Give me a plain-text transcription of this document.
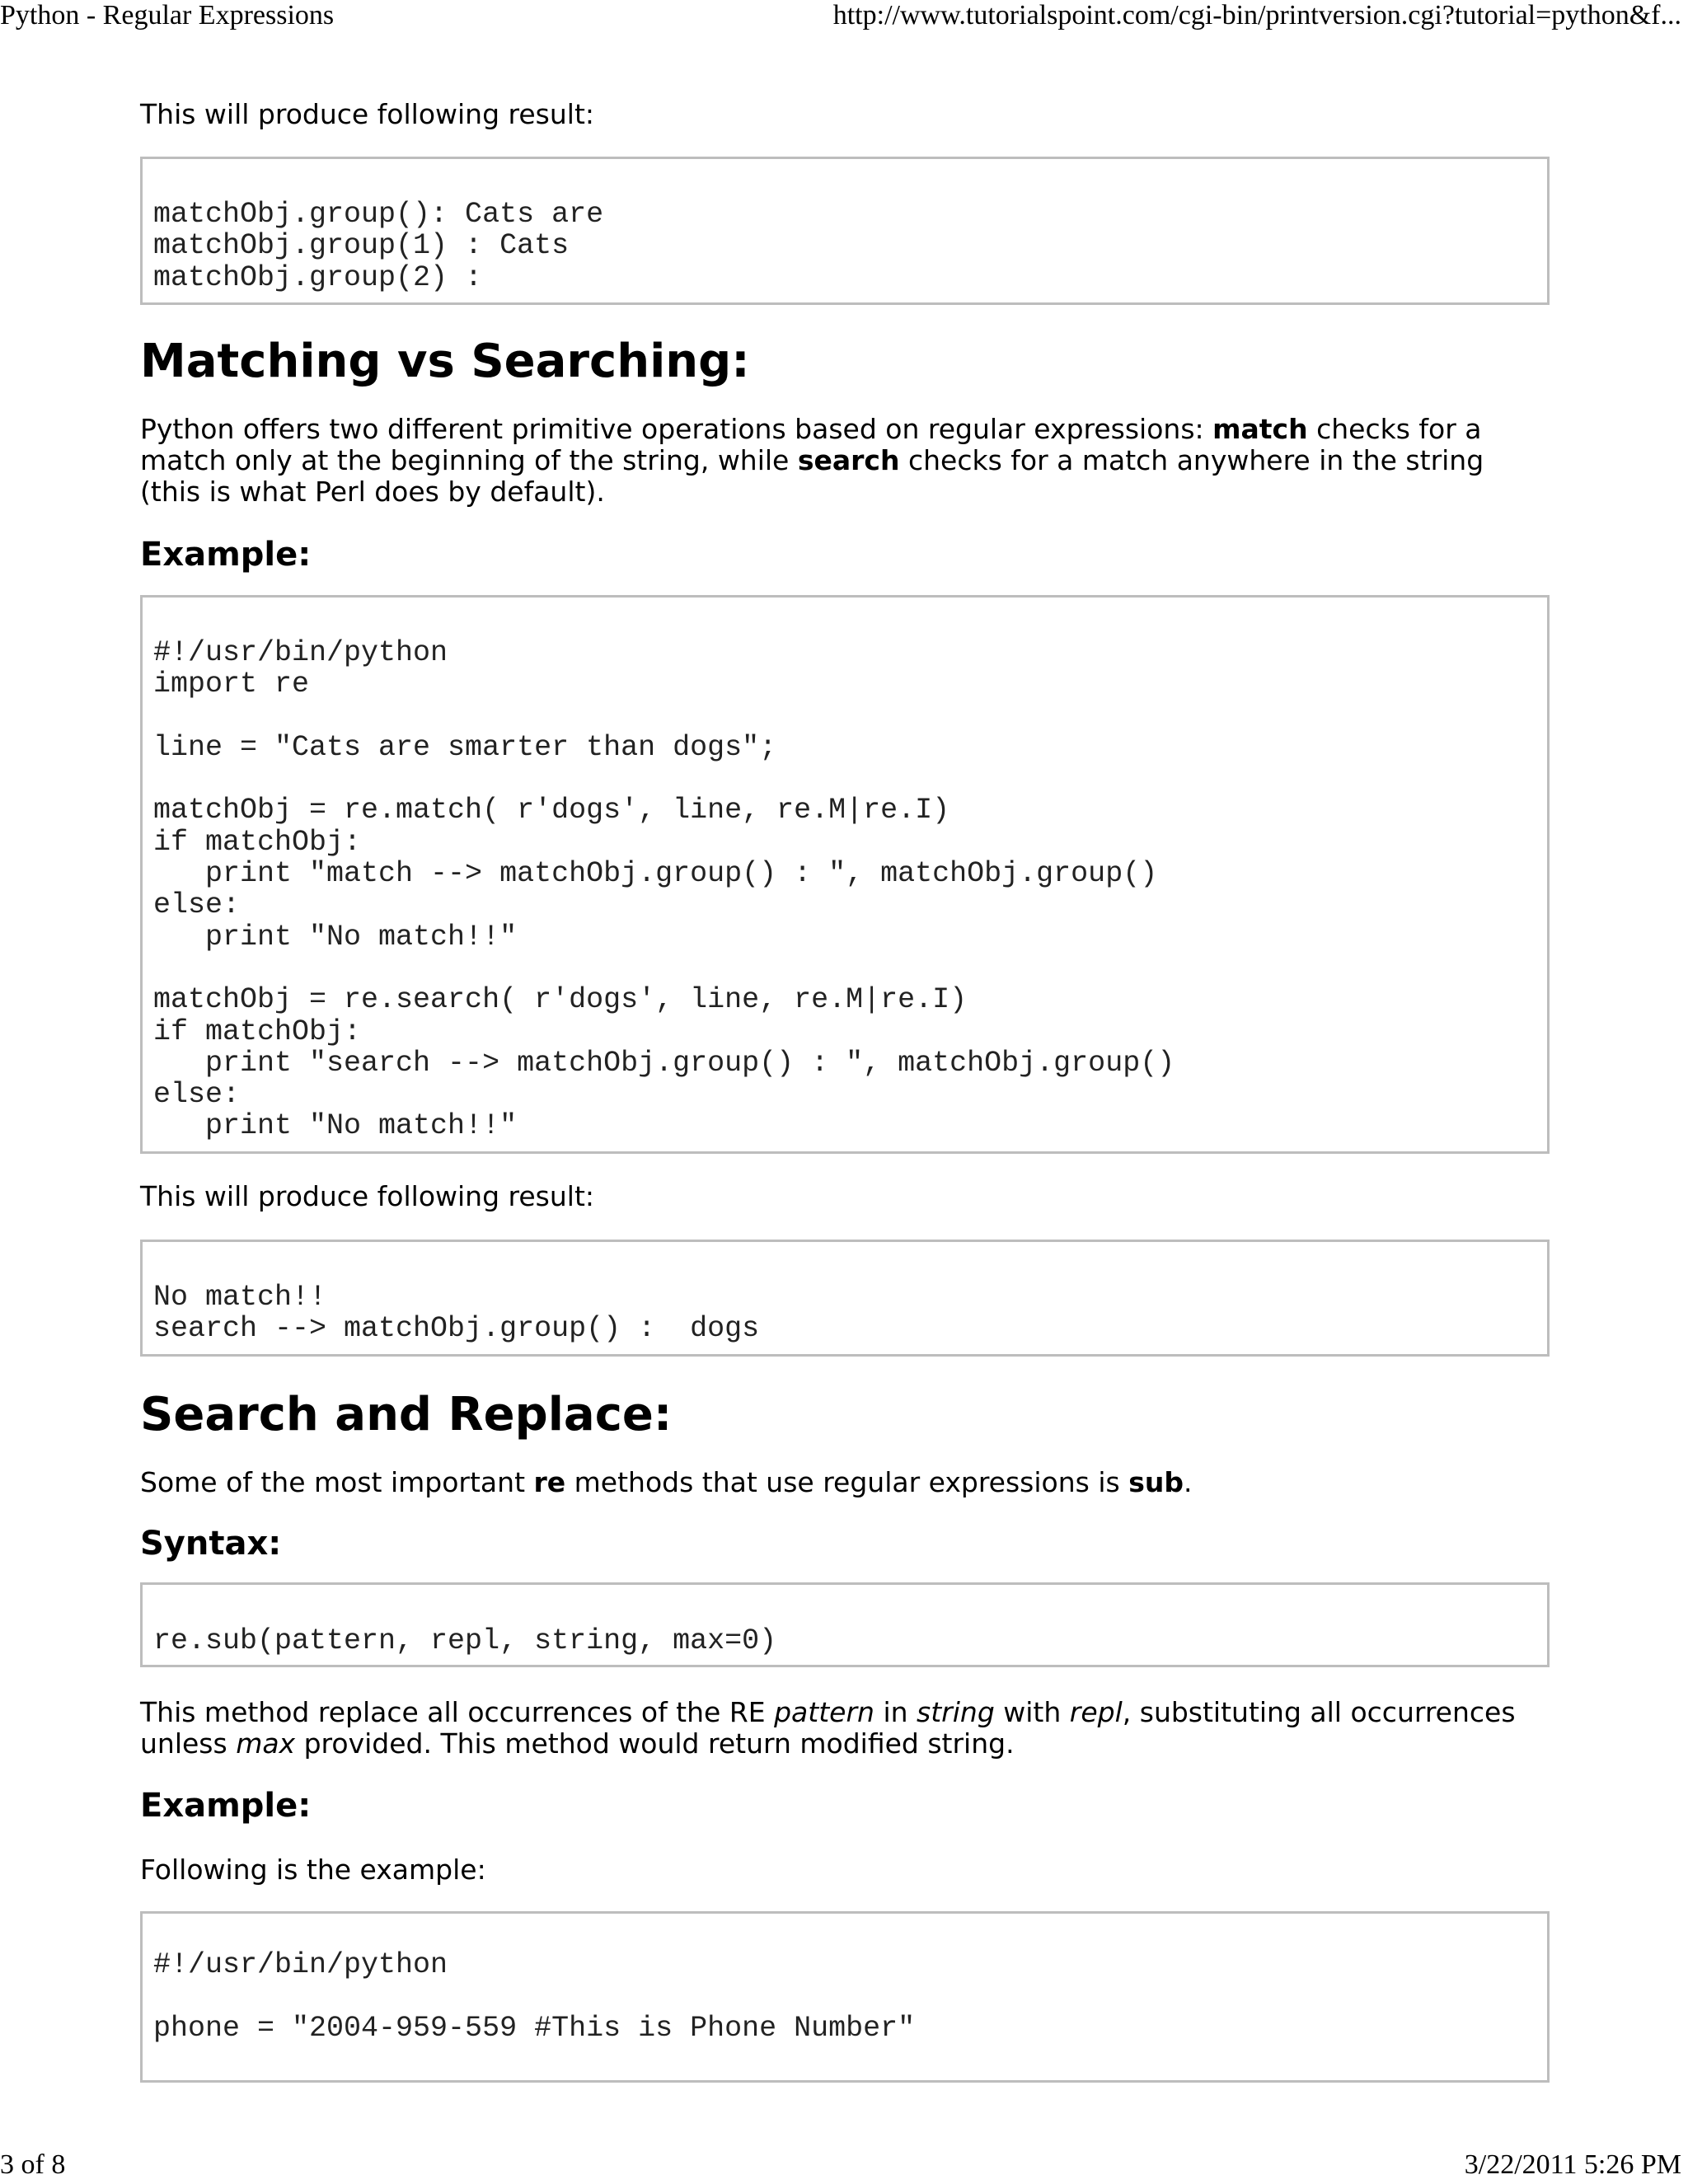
Python - Regular Expressions	http://www.tutorialspoint.com/cgi-bin/printversion.cgi?tutorial=python&f...

This will produce following result:

matchObj.group(): Cats are
matchObj.group(1) : Cats
matchObj.group(2) :
Matching vs Searching:

Python offers two different primitive operations based on regular expressions: match checks for a match only at the beginning of the string, while search checks for a match anywhere in the string (this is what Perl does by default).

Example:
#!/usr/bin/python
import re

line = "Cats are smarter than dogs";

matchObj = re.match( r'dogs', line, re.M|re.I)
if matchObj:
print "match --> matchObj.group() : ", matchObj.group()
else:
print "No match!!"

matchObj = re.search( r'dogs', line, re.M|re.I)
if matchObj:
print "search --> matchObj.group() : ", matchObj.group()
else:
print "No match!!"

This will produce following result:

No match!!
search --> matchObj.group() :  dogs
Search and Replace:

Some of the most important re methods that use regular expressions is sub.

Syntax:
re.sub(pattern, repl, string, max=0)

This method replace all occurrences of the RE pattern in string with repl, substituting all occurrences unless max provided. This method would return modified string.

Example:

Following is the example:

#!/usr/bin/python

phone = "2004-959-559 #This is Phone Number"
3 of 8	3/22/2011 5:26 PM
